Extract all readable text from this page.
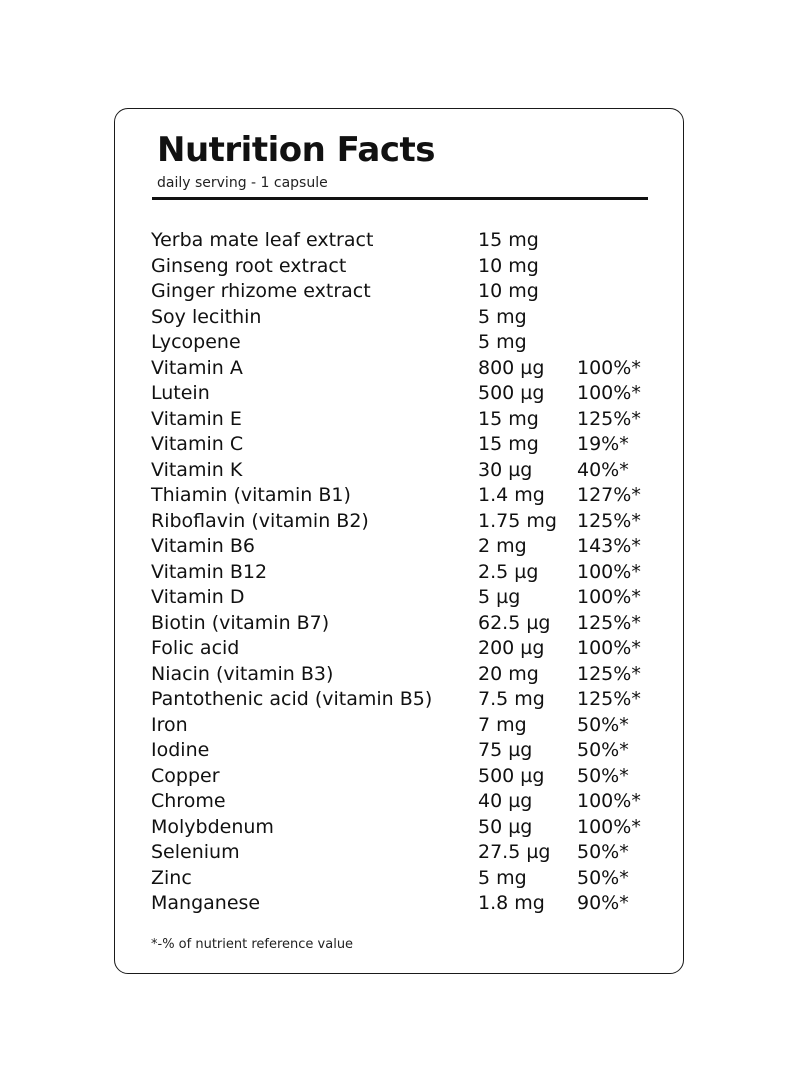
Nutrition Facts
daily serving - 1 capsule
Yerba mate leaf extract	15 mg	
Ginseng root extract	10 mg	
Ginger rhizome extract	10 mg	
Soy lecithin	5 mg	
Lycopene	5 mg	
Vitamin A	800 µg	100%*
Lutein	500 µg	100%*
Vitamin E	15 mg	125%*
Vitamin C	15 mg	19%*
Vitamin K	30 µg	40%*
Thiamin (vitamin B1)	1.4 mg	127%*
Riboflavin (vitamin B2)	1.75 mg	125%*
Vitamin B6	2 mg	143%*
Vitamin B12	2.5 µg	100%*
Vitamin D	5 µg	100%*
Biotin (vitamin B7)	62.5 µg	125%*
Folic acid	200 µg	100%*
Niacin (vitamin B3)	20 mg	125%*
Pantothenic acid (vitamin B5)	7.5 mg	125%*
Iron	7 mg	50%*
Iodine	75 µg	50%*
Copper	500 µg	50%*
Chrome	40 µg	100%*
Molybdenum	50 µg	100%*
Selenium	27.5 µg	50%*
Zinc	5 mg	50%*
Manganese	1.8 mg	90%*
*-% of nutrient reference value
